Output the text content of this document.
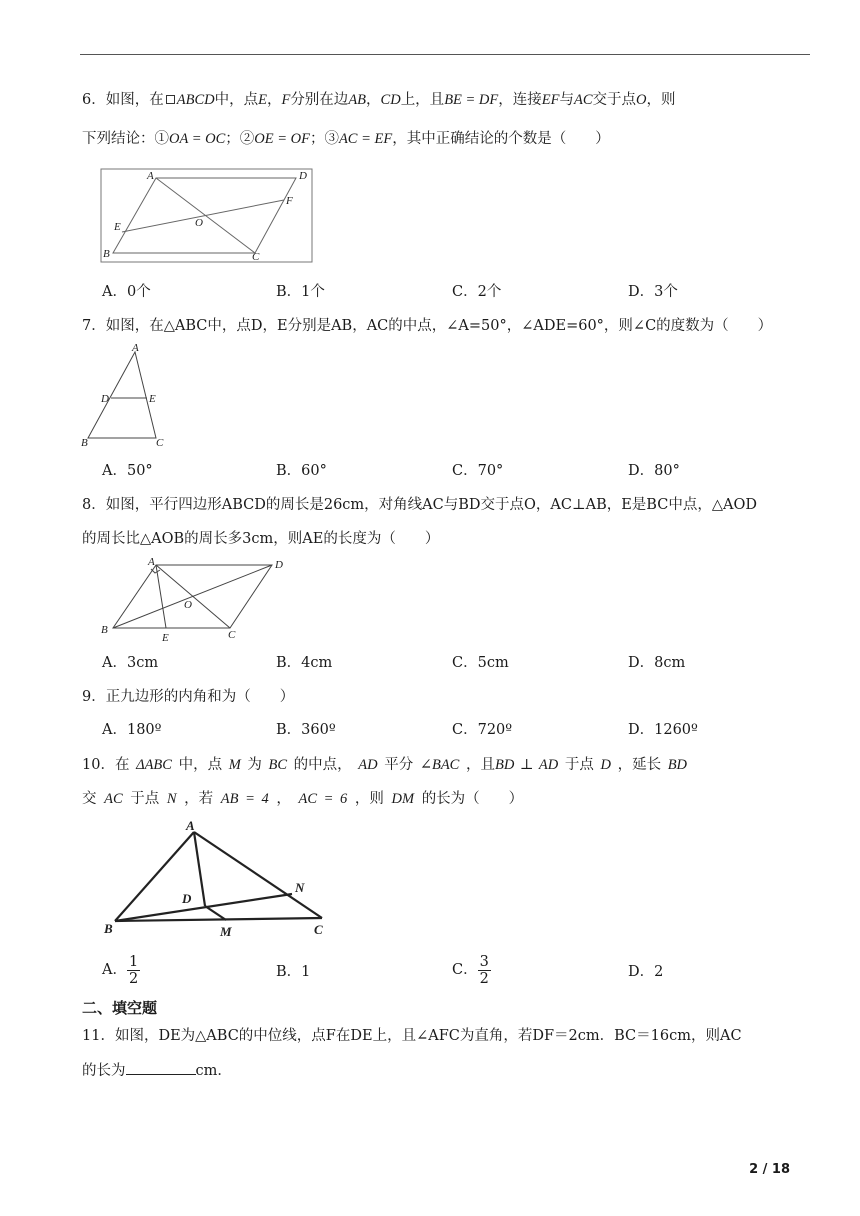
6．如图，在 ABCD中，点E，F分别在边AB，CD上，且BE = DF，连接EF与AC交于点O，则
下列结论：①OA = OC；②OE = OF；③AC = EF，其中正确结论的个数是（　　）
A	D
B	C
E
F
O
A．0个	B．1个	C．2个	D．3个
7．如图，在△ABC中，点D，E分别是AB，AC的中点，∠A=50°，∠ADE=60°，则∠C的度数为（　　）
A
D	E
B	C
A．50°	B．60°	C．70°	D．80°
8．如图，平行四边形ABCD的周长是26cm，对角线AC与BD交于点O，AC⊥AB，E是BC中点，△AOD
的周长比△AOB的周长多3cm，则AE的长度为（　　）
A	D
B	C
E
O
A．3cm	B．4cm	C．5cm	D．8cm
9．正九边形的内角和为（　　）
A．180º	B．360º	C．720º	D．1260º
10．在 ΔABC 中，点 M 为 BC 的中点， AD 平分 ∠BAC ，且BD ⊥ AD 于点 D ，延长 BD
交 AC 于点 N ，若 AB = 4 ， AC = 6 ，则 DM 的长为（　　）
A
D
N
B	M	C
A． $\frac{1}{2}$	B．1	C． $\frac{3}{2}$	D．2
二、填空题
11．如图，DE为△ABC的中位线，点F在DE上，且∠AFC为直角，若DF＝2cm．BC＝16cm，则AC
的长为	cm．
2 / 18
